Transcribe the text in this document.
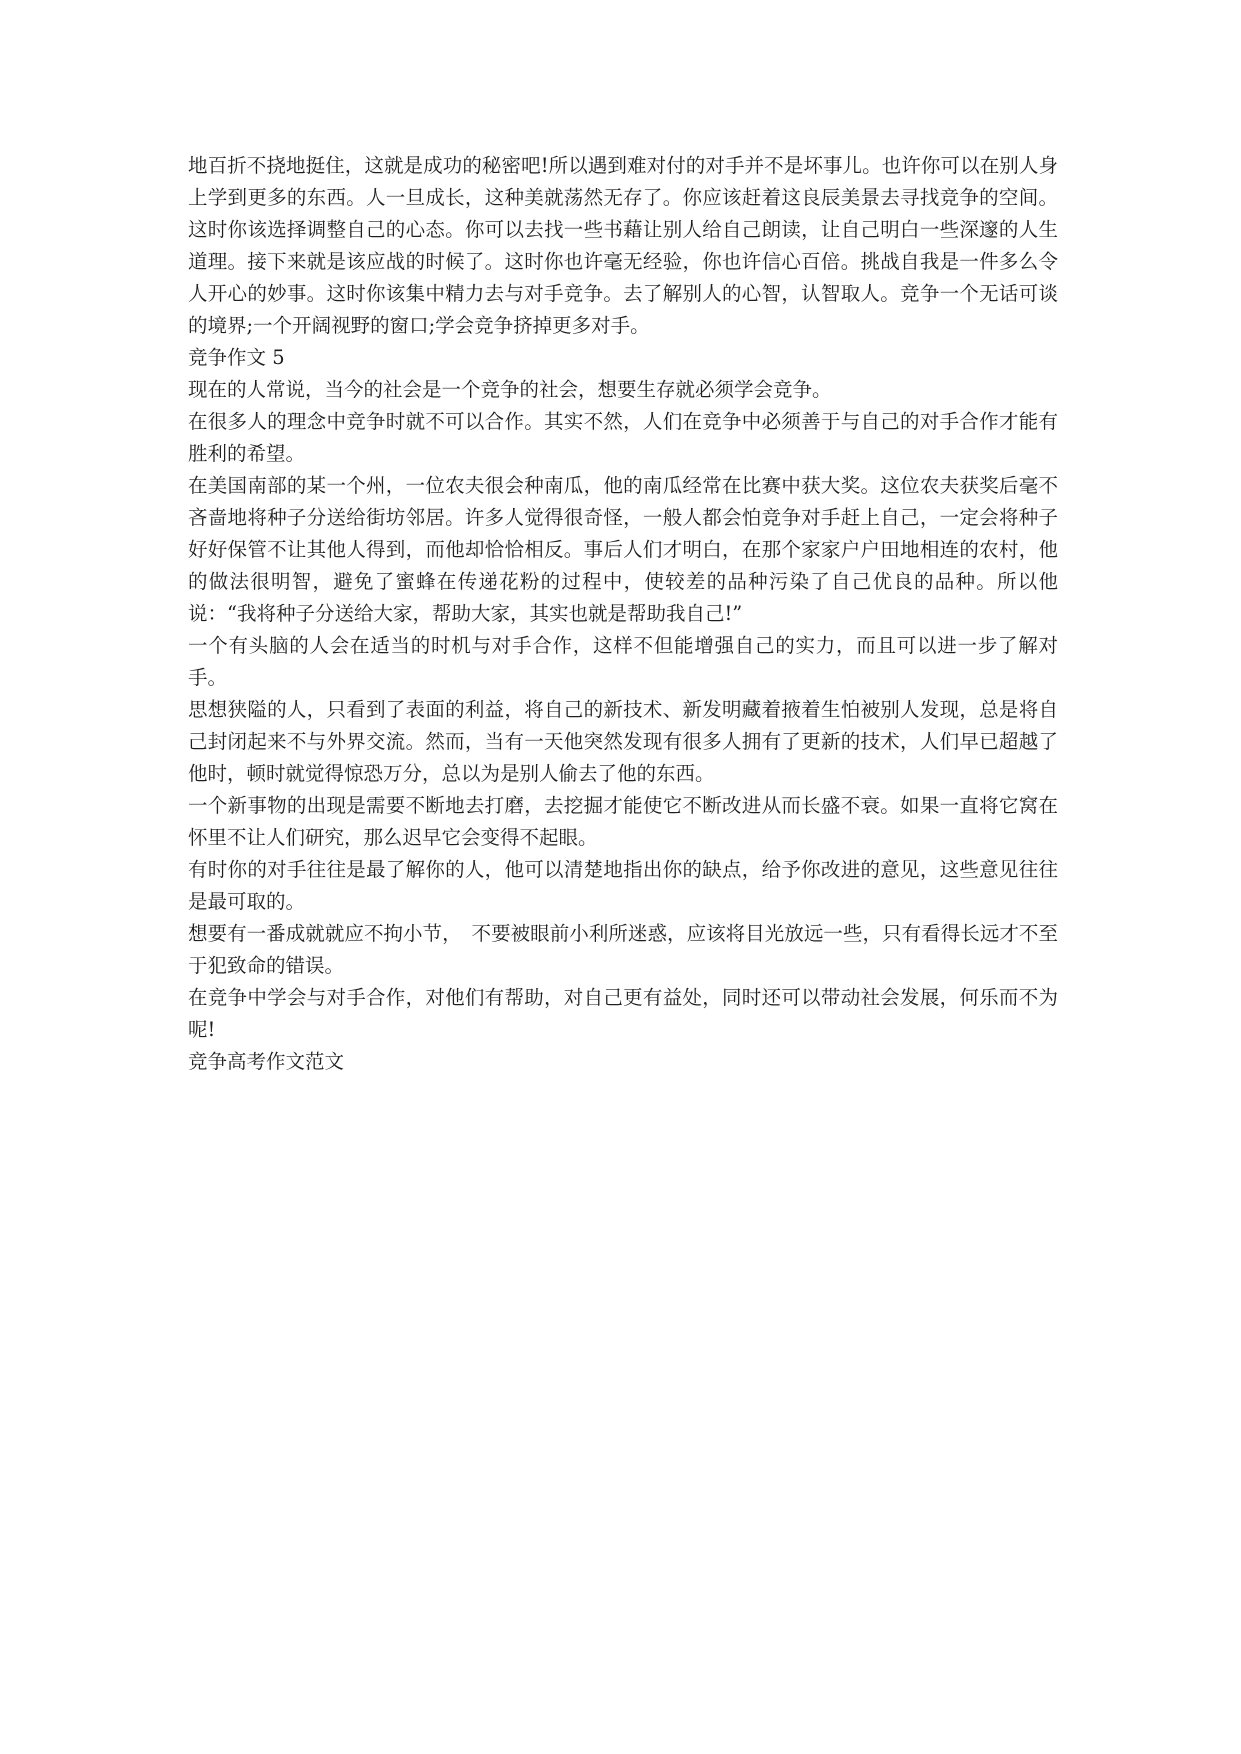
地百折不挠地挺住，这就是成功的秘密吧!所以遇到难对付的对手并不是坏事儿。也许你可以在别人身上学到更多的东西。人一旦成长，这种美就荡然无存了。你应该赶着这良辰美景去寻找竞争的空间。这时你该选择调整自己的心态。你可以去找一些书藉让别人给自己朗读，让自己明白一些深邃的人生道理。接下来就是该应战的时候了。这时你也许毫无经验，你也许信心百倍。挑战自我是一件多么令人开心的妙事。这时你该集中精力去与对手竞争。去了解别人的心智，认智取人。竞争一个无话可谈的境界;一个开阔视野的窗口;学会竞争挤掉更多对手。

竞争作文 5

现在的人常说，当今的社会是一个竞争的社会，想要生存就必须学会竞争。

在很多人的理念中竞争时就不可以合作。其实不然，人们在竞争中必须善于与自己的对手合作才能有胜利的希望。

在美国南部的某一个州，一位农夫很会种南瓜，他的南瓜经常在比赛中获大奖。这位农夫获奖后毫不吝啬地将种子分送给街坊邻居。许多人觉得很奇怪，一般人都会怕竞争对手赶上自己，一定会将种子好好保管不让其他人得到，而他却恰恰相反。事后人们才明白，在那个家家户户田地相连的农村，他的做法很明智，避免了蜜蜂在传递花粉的过程中，使较差的品种污染了自己优良的品种。所以他说：“我将种子分送给大家，帮助大家，其实也就是帮助我自己!”

一个有头脑的人会在适当的时机与对手合作，这样不但能增强自己的实力，而且可以进一步了解对手。

思想狭隘的人，只看到了表面的利益，将自己的新技术、新发明藏着掖着生怕被别人发现，总是将自己封闭起来不与外界交流。然而，当有一天他突然发现有很多人拥有了更新的技术，人们早已超越了他时，顿时就觉得惊恐万分，总以为是别人偷去了他的东西。

一个新事物的出现是需要不断地去打磨，去挖掘才能使它不断改进从而长盛不衰。如果一直将它窝在怀里不让人们研究，那么迟早它会变得不起眼。

有时你的对手往往是最了解你的人，他可以清楚地指出你的缺点，给予你改进的意见，这些意见往往是最可取的。

想要有一番成就就应不拘小节，　不要被眼前小利所迷惑，应该将目光放远一些，只有看得长远才不至于犯致命的错误。

在竞争中学会与对手合作，对他们有帮助，对自己更有益处，同时还可以带动社会发展，何乐而不为呢!

竞争高考作文范文
